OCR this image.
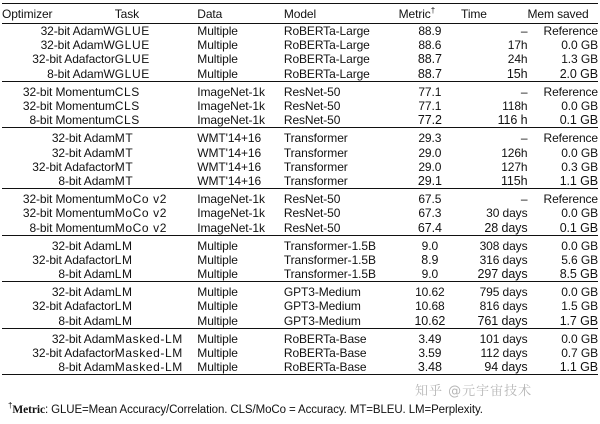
Optimizer	Task	Data	Model	Metric†	Time	Mem saved
32-bit AdamW	GLUE	Multiple	RoBERTa-Large	88.9	–	Reference
32-bit AdamW	GLUE	Multiple	RoBERTa-Large	88.6	17h	0.0 GB
32-bit Adafactor	GLUE	Multiple	RoBERTa-Large	88.7	24h	1.3 GB
8-bit AdamW	GLUE	Multiple	RoBERTa-Large	88.7	15h	2.0 GB
32-bit Momentum	CLS	ImageNet-1k	ResNet-50	77.1	–	Reference
32-bit Momentum	CLS	ImageNet-1k	ResNet-50	77.1	118h	0.0 GB
8-bit Momentum	CLS	ImageNet-1k	ResNet-50	77.2	116 h	0.1 GB
32-bit Adam	MT	WMT'14+16	Transformer	29.3	–	Reference
32-bit Adam	MT	WMT'14+16	Transformer	29.0	126h	0.0 GB
32-bit Adafactor	MT	WMT'14+16	Transformer	29.0	127h	0.3 GB
8-bit Adam	MT	WMT'14+16	Transformer	29.1	115h	1.1 GB
32-bit Momentum	MoCo v2	ImageNet-1k	ResNet-50	67.5	–	Reference
32-bit Momentum	MoCo v2	ImageNet-1k	ResNet-50	67.3	30 days	0.0 GB
8-bit Momentum	MoCo v2	ImageNet-1k	ResNet-50	67.4	28 days	0.1 GB
32-bit Adam	LM	Multiple	Transformer-1.5B	9.0	308 days	0.0 GB
32-bit Adafactor	LM	Multiple	Transformer-1.5B	8.9	316 days	5.6 GB
8-bit Adam	LM	Multiple	Transformer-1.5B	9.0	297 days	8.5 GB
32-bit Adam	LM	Multiple	GPT3-Medium	10.62	795 days	0.0 GB
32-bit Adafactor	LM	Multiple	GPT3-Medium	10.68	816 days	1.5 GB
8-bit Adam	LM	Multiple	GPT3-Medium	10.62	761 days	1.7 GB
32-bit Adam	Masked-LM	Multiple	RoBERTa-Base	3.49	101 days	0.0 GB
32-bit Adafactor	Masked-LM	Multiple	RoBERTa-Base	3.59	112 days	0.7 GB
8-bit Adam	Masked-LM	Multiple	RoBERTa-Base	3.48	94 days	1.1 GB
†Metric: GLUE=Mean Accuracy/Correlation. CLS/MoCo = Accuracy. MT=BLEU. LM=Perplexity.
知乎 @元宇宙技术
